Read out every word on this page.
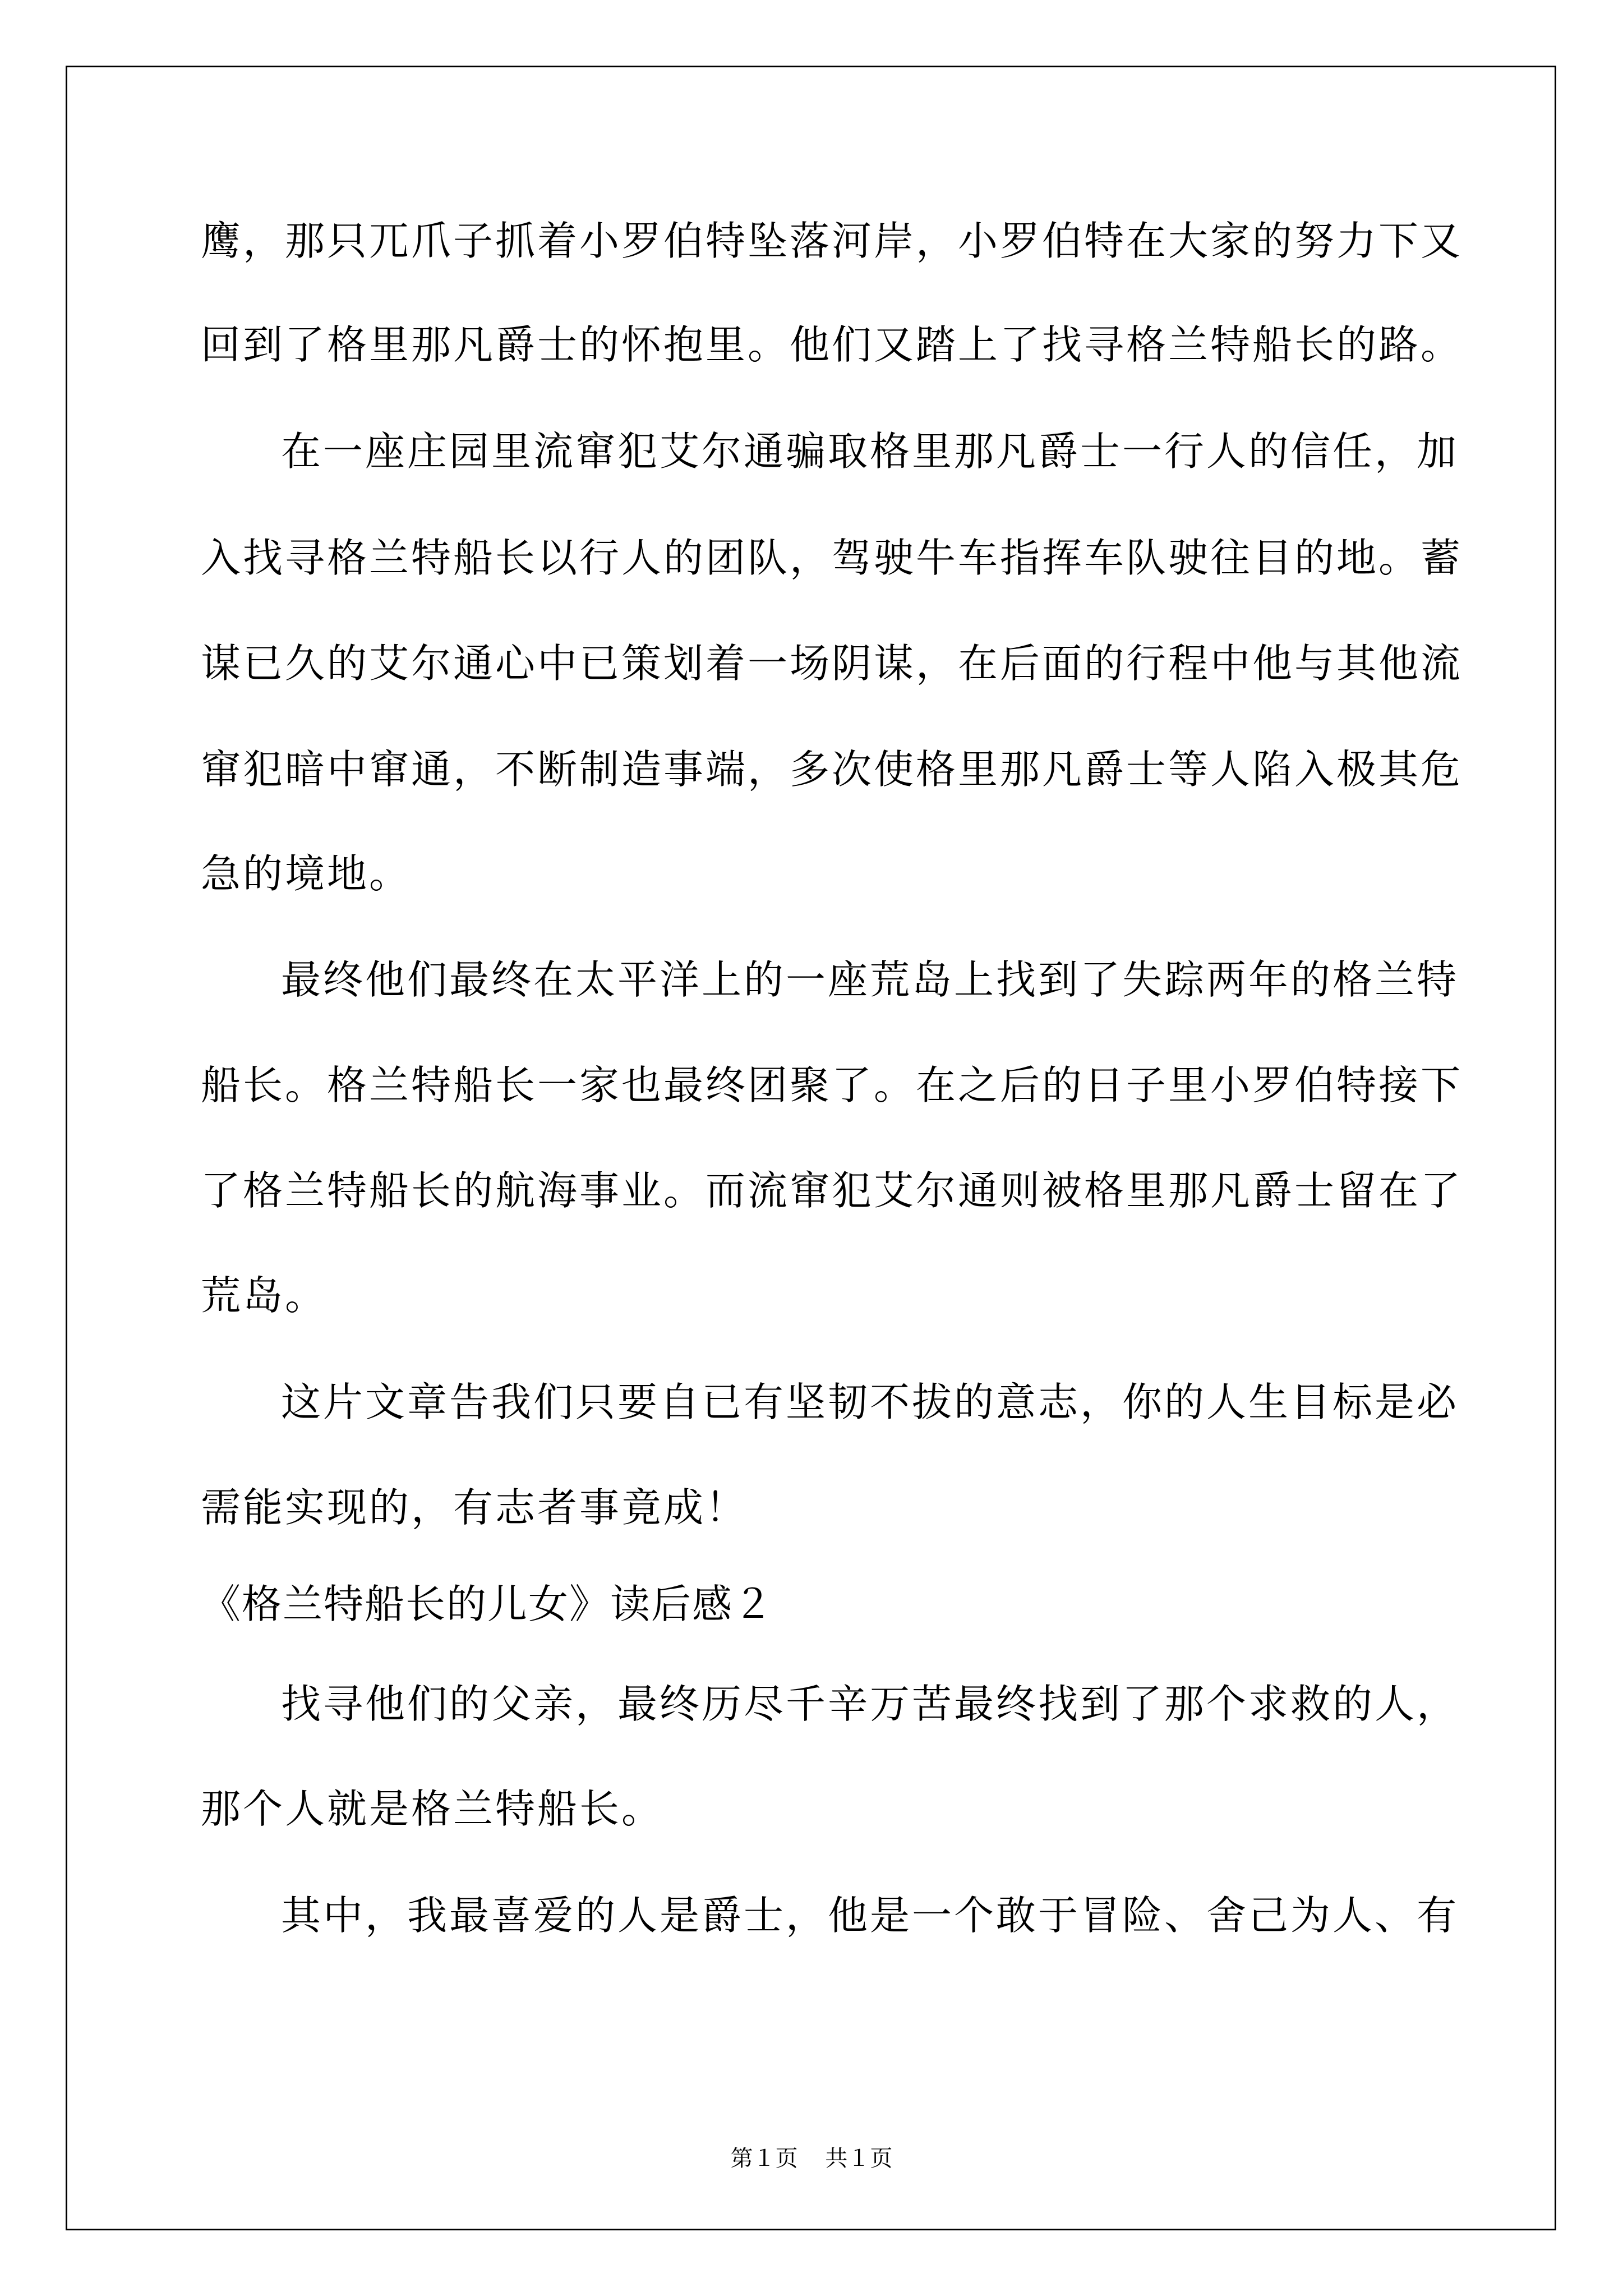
鹰，那只兀爪子抓着小罗伯特坠落河岸，小罗伯特在大家的努力下又
回到了格里那凡爵士的怀抱里。他们又踏上了找寻格兰特船长的路。
在一座庄园里流窜犯艾尔通骗取格里那凡爵士一行人的信任，加
入找寻格兰特船长以行人的团队，驾驶牛车指挥车队驶往目的地。蓄
谋已久的艾尔通心中已策划着一场阴谋，在后面的行程中他与其他流
窜犯暗中窜通，不断制造事端，多次使格里那凡爵士等人陷入极其危
急的境地。
最终他们最终在太平洋上的一座荒岛上找到了失踪两年的格兰特
船长。格兰特船长一家也最终团聚了。在之后的日子里小罗伯特接下
了格兰特船长的航海事业。而流窜犯艾尔通则被格里那凡爵士留在了
荒岛。
这片文章告我们只要自已有坚韧不拔的意志，你的人生目标是必
需能实现的，有志者事竟成！
《格兰特船长的儿女》读后感２
找寻他们的父亲，最终历尽千辛万苦最终找到了那个求救的人，
那个人就是格兰特船长。
其中，我最喜爱的人是爵士，他是一个敢于冒险、舍己为人、有
第１页 共１页
